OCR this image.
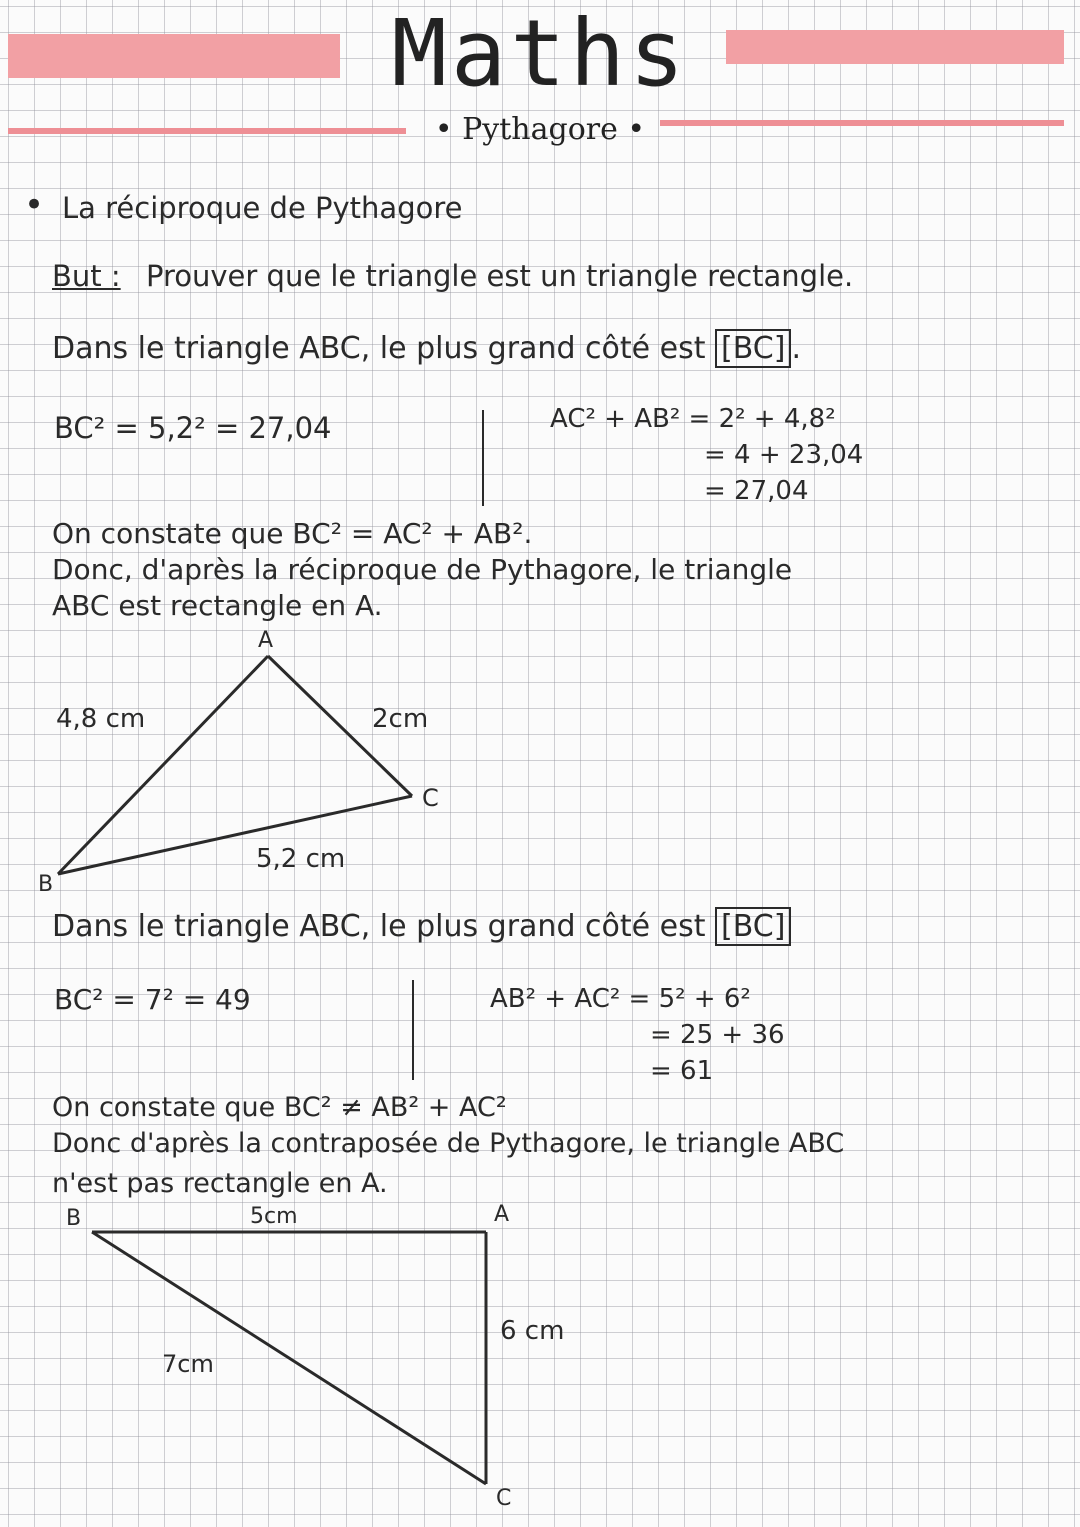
Maths
• Pythagore •
• La réciproque de Pythagore
But : Prouver que le triangle est un triangle rectangle.
Dans le triangle ABC, le plus grand côté est [BC] .
BC² = 5,2² = 27,04	AC² + AB² = 2² + 4,8²
= 4 + 23,04
= 27,04
On constate que BC² = AC² + AB².
Donc, d'après la réciproque de Pythagore, le triangle
ABC est rectangle en A.
A
B
C
4,8 cm	2cm
5,2 cm
Dans le triangle ABC, le plus grand côté est [BC]
BC² = 7² = 49	AB² + AC² = 5² + 6²
= 25 + 36
= 61
On constate que BC² ≠ AB² + AC²
Donc d'après la contraposée de Pythagore, le triangle ABC
n'est pas rectangle en A.
B	A
C
5cm
6 cm
7cm
